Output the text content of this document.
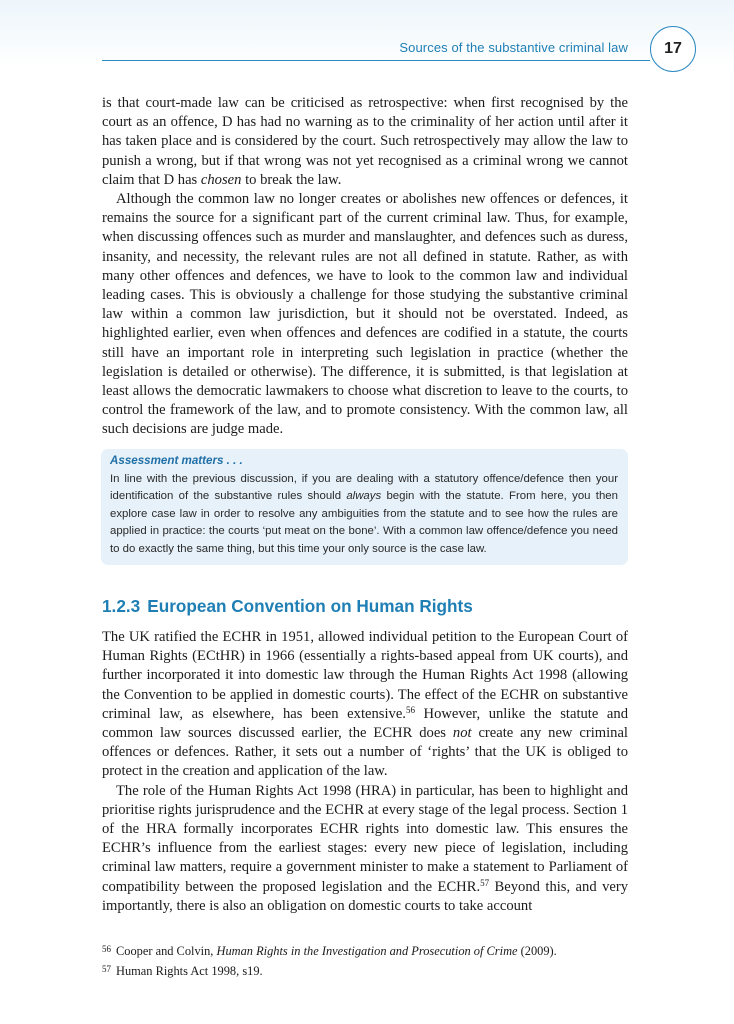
Sources of the substantive criminal law	17

is that court-made law can be criticised as retrospective: when first recognised by the court as an offence, D has had no warning as to the criminality of her action until after it has taken place and is considered by the court. Such retrospectively may allow the law to punish a wrong, but if that wrong was not yet recognised as a criminal wrong we cannot claim that D has chosen to break the law.

Although the common law no longer creates or abolishes new offences or defences, it remains the source for a significant part of the current criminal law. Thus, for example, when discussing offences such as murder and manslaughter, and defences such as duress, insanity, and necessity, the relevant rules are not all defined in statute. Rather, as with many other offences and defences, we have to look to the common law and individual leading cases. This is obviously a challenge for those studying the substantive criminal law within a common law jurisdiction, but it should not be overstated. Indeed, as highlighted earlier, even when offences and defences are codified in a statute, the courts still have an important role in interpreting such legislation in practice (whether the legislation is detailed or otherwise). The difference, it is submitted, is that legislation at least allows the democratic lawmakers to choose what discretion to leave to the courts, to control the framework of the law, and to promote consistency. With the common law, all such decisions are judge made.

Assessment matters . . .
In line with the previous discussion, if you are dealing with a statutory offence/defence then your identification of the substantive rules should always begin with the statute. From here, you then explore case law in order to resolve any ambiguities from the statute and to see how the rules are applied in practice: the courts ‘put meat on the bone’. With a common law offence/defence you need to do exactly the same thing, but this time your only source is the case law.
1.2.3 European Convention on Human Rights

The UK ratified the ECHR in 1951, allowed individual petition to the European Court of Human Rights (ECtHR) in 1966 (essentially a rights-based appeal from UK courts), and further incorporated it into domestic law through the Human Rights Act 1998 (allowing the Convention to be applied in domestic courts). The effect of the ECHR on substantive criminal law, as elsewhere, has been extensive.$^{56}$ However, unlike the statute and common law sources discussed earlier, the ECHR does not create any new criminal offences or defences. Rather, it sets out a number of ‘rights’ that the UK is obliged to protect in the creation and application of the law.

The role of the Human Rights Act 1998 (HRA) in particular, has been to highlight and prioritise rights jurisprudence and the ECHR at every stage of the legal process. Section 1 of the HRA formally incorporates ECHR rights into domestic law. This ensures the ECHR’s influence from the earliest stages: every new piece of legislation, including criminal law matters, require a government minister to make a statement to Parliament of compatibility between the proposed legislation and the ECHR.$^{57}$ Beyond this, and very importantly, there is also an obligation on domestic courts to take account

$^{56}$ Cooper and Colvin, Human Rights in the Investigation and Prosecution of Crime (2009).
$^{57}$ Human Rights Act 1998, s19.
